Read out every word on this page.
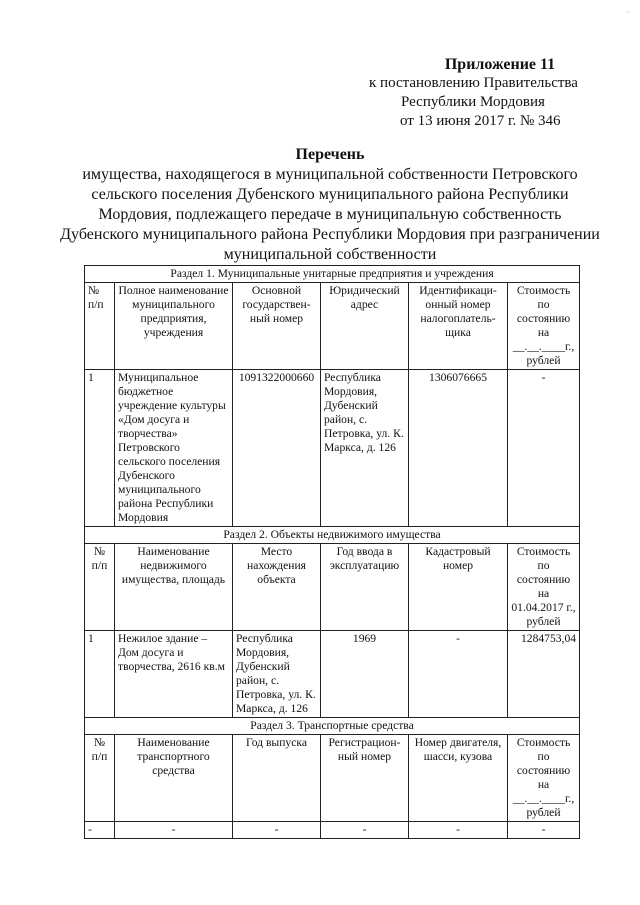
~
Приложение 11
к постановлению Правительства
Республики Мордовия
от 13 июня 2017 г. № 346
Перечень
имущества, находящегося в муниципальной собственности Петровского сельского поселения Дубенского муниципального района Республики Мордовия, подлежащего передаче в муниципальную собственность Дубенского муниципального района Республики Мордовия при разграничении муниципальной собственности
Раздел 1. Муниципальные унитарные предприятия и учреждения					
№ п/п	Полное наименование муниципального предприятия, учреждения	Основной государствен-ный номер	Юридический адрес	Идентификаци-онный номер налогоплатель-щика	Стоимость по состоянию на __.__.____г., рублей
1	Муниципальное бюджетное учреждение культуры «Дом досуга и творчества» Петровского сельского поселения Дубенского муниципального района Республики Мордовия	1091322000660	Республика Мордовия, Дубенский район, с. Петровка, ул. К. Маркса, д. 126	1306076665	-
Раздел 2. Объекты недвижимого имущества					
№ п/п	Наименование недвижимого имущества, площадь	Место нахождения объекта	Год ввода в эксплуатацию	Кадастровый номер	Стоимость по состоянию на 01.04.2017 г., рублей
1	Нежилое здание – Дом досуга и творчества, 2616 кв.м	Республика Мордовия, Дубенский район, с. Петровка, ул. К. Маркса, д. 126	1969	-	1284753,04
Раздел 3. Транспортные средства					
№ п/п	Наименование транспортного средства	Год выпуска	Регистрацион-ный номер	Номер двигателя, шасси, кузова	Стоимость по состоянию на __.__.____г., рублей
-	-	-	-	-	-
